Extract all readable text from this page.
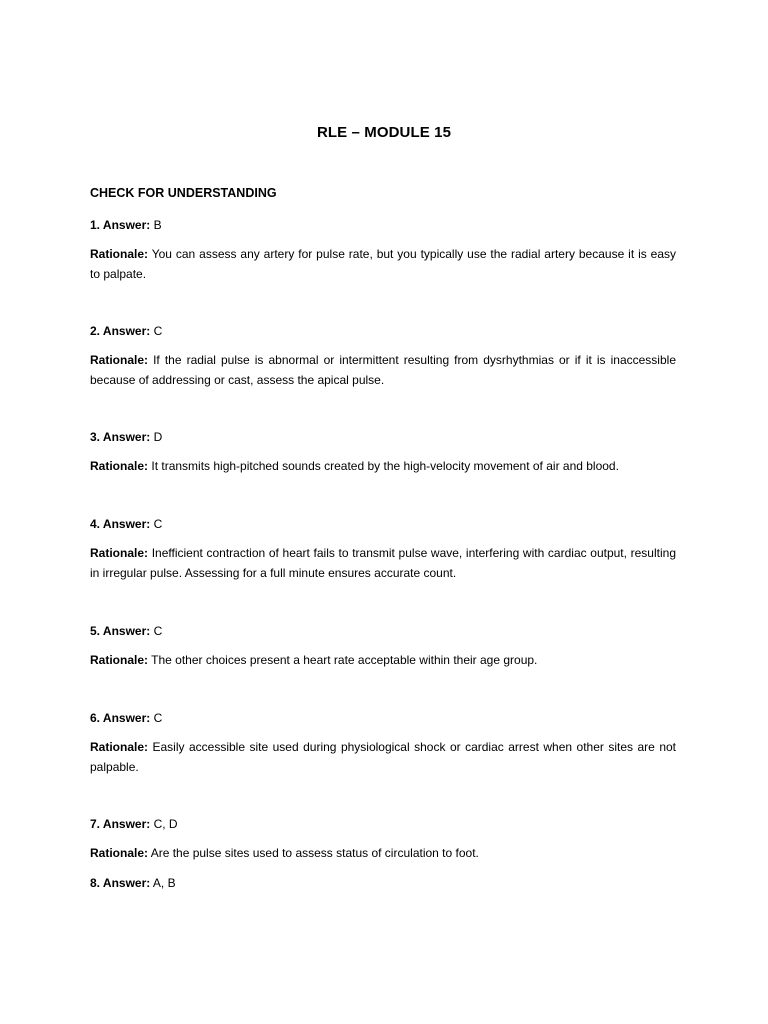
RLE – MODULE 15
CHECK FOR UNDERSTANDING
1. Answer: B
Rationale: You can assess any artery for pulse rate, but you typically use the radial artery because it is easy to palpate.
2. Answer: C
Rationale: If the radial pulse is abnormal or intermittent resulting from dysrhythmias or if it is inaccessible because of addressing or cast, assess the apical pulse.
3. Answer: D
Rationale: It transmits high-pitched sounds created by the high-velocity movement of air and blood.
4. Answer: C
Rationale: Inefficient contraction of heart fails to transmit pulse wave, interfering with cardiac output, resulting in irregular pulse. Assessing for a full minute ensures accurate count.
5. Answer: C
Rationale: The other choices present a heart rate acceptable within their age group.
6. Answer: C
Rationale: Easily accessible site used during physiological shock or cardiac arrest when other sites are not palpable.
7. Answer: C, D
Rationale: Are the pulse sites used to assess status of circulation to foot.
8. Answer: A, B
